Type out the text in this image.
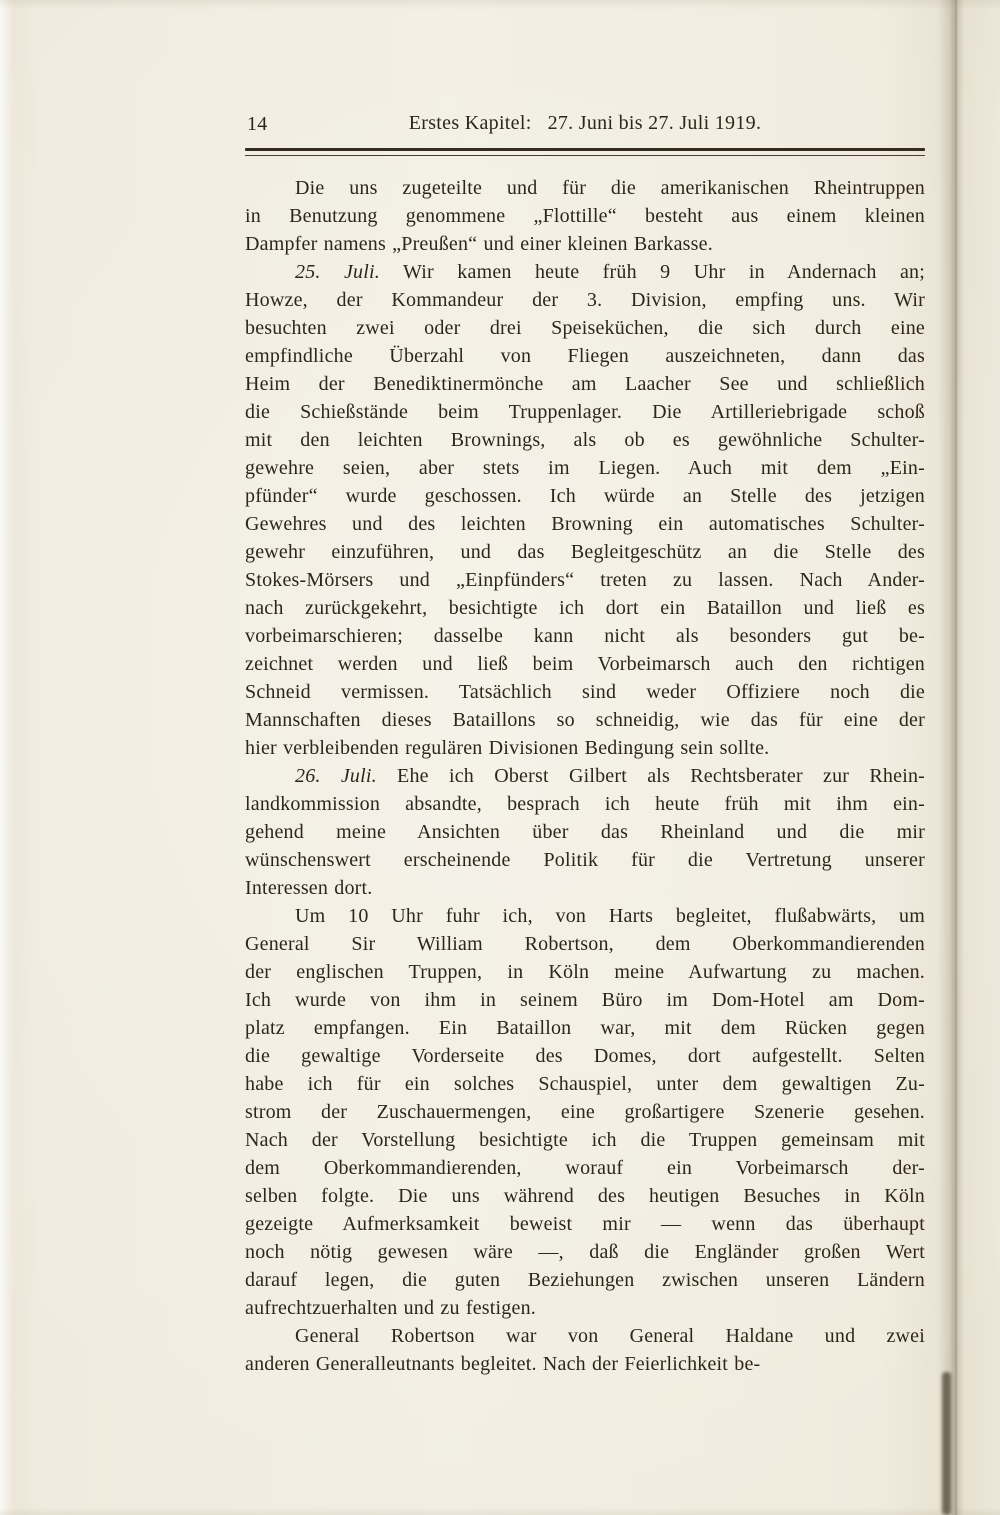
14	Erstes Kapitel: 27. Juni bis 27. Juli 1919.
Die uns zugeteilte und für die amerikanischen Rheintruppen
in Benutzung genommene „Flottille“ besteht aus einem kleinen
Dampfer namens „Preußen“ und einer kleinen Barkasse.
25. Juli. Wir kamen heute früh 9 Uhr in Andernach an;
Howze, der Kommandeur der 3. Division, empfing uns. Wir
besuchten zwei oder drei Speiseküchen, die sich durch eine
empfindliche Überzahl von Fliegen auszeichneten, dann das
Heim der Benediktinermönche am Laacher See und schließlich
die Schießstände beim Truppenlager. Die Artilleriebrigade schoß
mit den leichten Brownings, als ob es gewöhnliche Schulter-
gewehre seien, aber stets im Liegen. Auch mit dem „Ein-
pfünder“ wurde geschossen. Ich würde an Stelle des jetzigen
Gewehres und des leichten Browning ein automatisches Schulter-
gewehr einzuführen, und das Begleitgeschütz an die Stelle des
Stokes-Mörsers und „Einpfünders“ treten zu lassen. Nach Ander-
nach zurückgekehrt, besichtigte ich dort ein Bataillon und ließ es
vorbeimarschieren; dasselbe kann nicht als besonders gut be-
zeichnet werden und ließ beim Vorbeimarsch auch den richtigen
Schneid vermissen. Tatsächlich sind weder Offiziere noch die
Mannschaften dieses Bataillons so schneidig, wie das für eine der
hier verbleibenden regulären Divisionen Bedingung sein sollte.
26. Juli. Ehe ich Oberst Gilbert als Rechtsberater zur Rhein-
landkommission absandte, besprach ich heute früh mit ihm ein-
gehend meine Ansichten über das Rheinland und die mir
wünschenswert erscheinende Politik für die Vertretung unserer
Interessen dort.
Um 10 Uhr fuhr ich, von Harts begleitet, flußabwärts, um
General Sir William Robertson, dem Oberkommandierenden
der englischen Truppen, in Köln meine Aufwartung zu machen.
Ich wurde von ihm in seinem Büro im Dom-Hotel am Dom-
platz empfangen. Ein Bataillon war, mit dem Rücken gegen
die gewaltige Vorderseite des Domes, dort aufgestellt. Selten
habe ich für ein solches Schauspiel, unter dem gewaltigen Zu-
strom der Zuschauermengen, eine großartigere Szenerie gesehen.
Nach der Vorstellung besichtigte ich die Truppen gemeinsam mit
dem Oberkommandierenden, worauf ein Vorbeimarsch der-
selben folgte. Die uns während des heutigen Besuches in Köln
gezeigte Aufmerksamkeit beweist mir — wenn das überhaupt
noch nötig gewesen wäre —, daß die Engländer großen Wert
darauf legen, die guten Beziehungen zwischen unseren Ländern
aufrechtzuerhalten und zu festigen.
General Robertson war von General Haldane und zwei
anderen Generalleutnants begleitet. Nach der Feierlichkeit be-
